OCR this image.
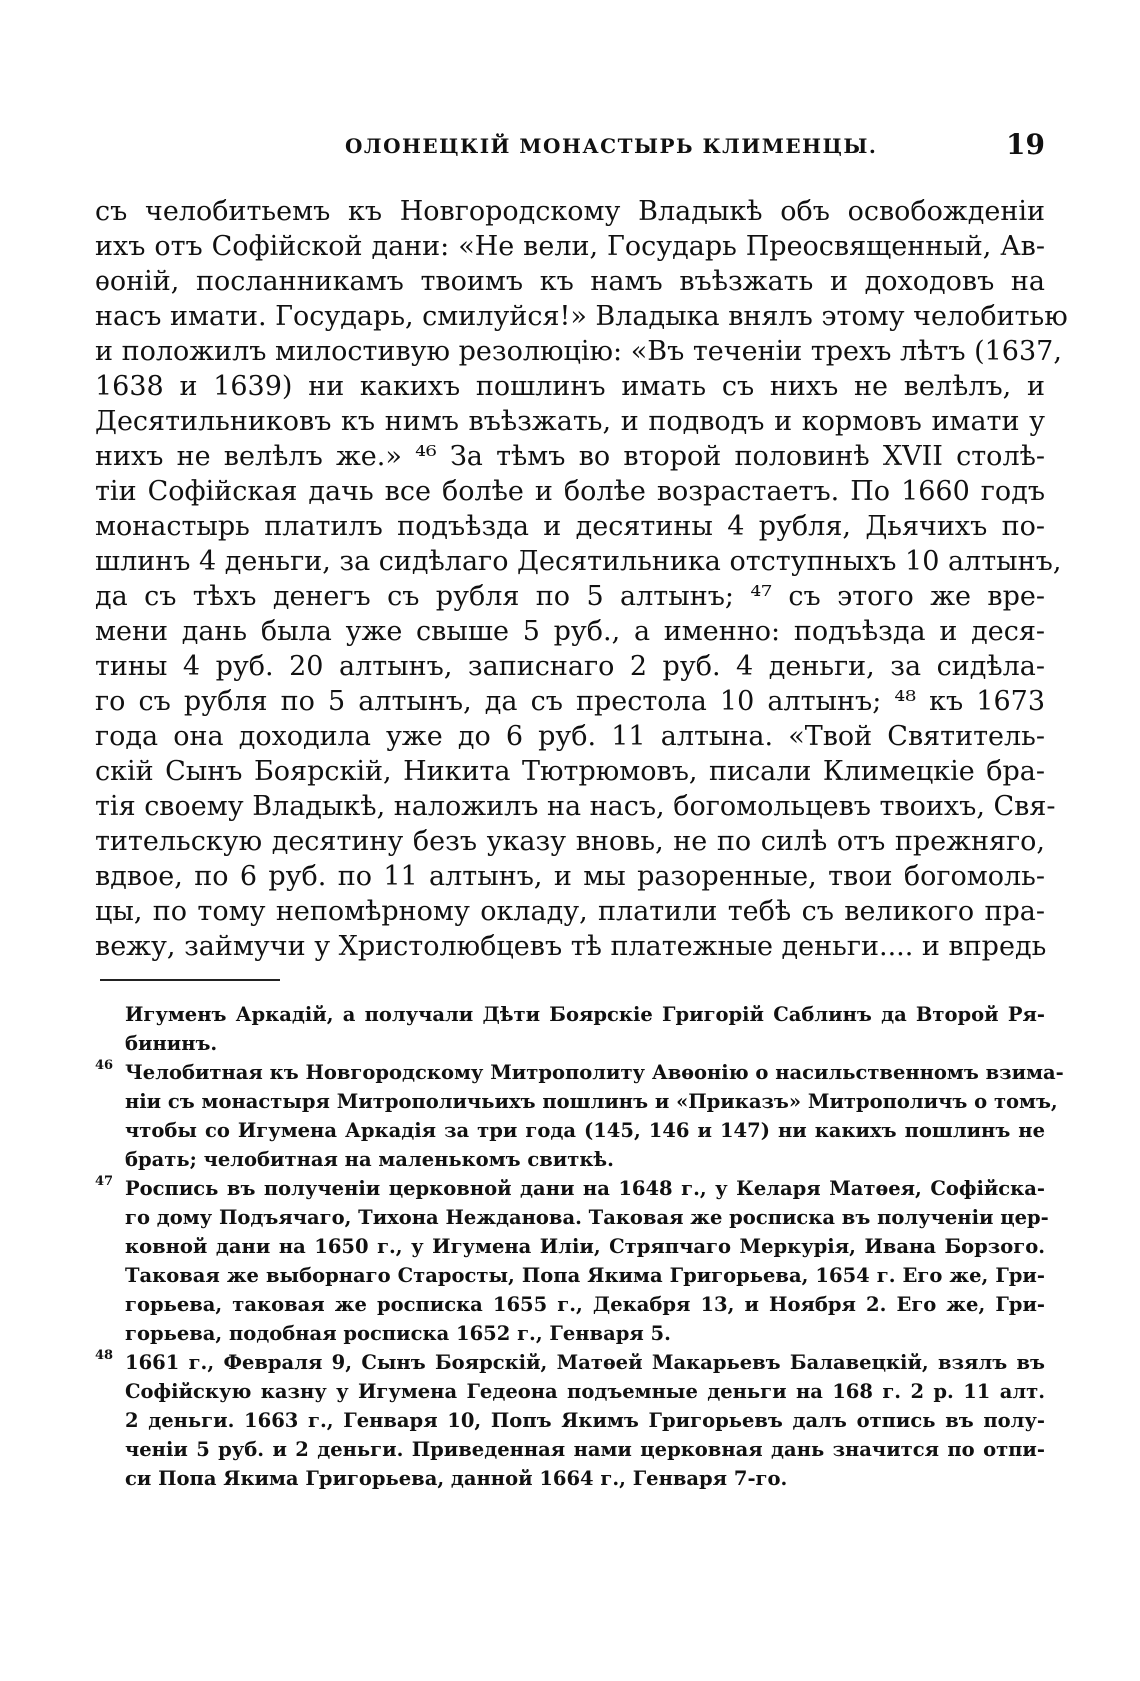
ОЛОНЕЦКІЙ МОНАСТЫРЬ КЛИМЕНЦЫ.	19
съ челобитьемъ къ Новгородскому Владыкѣ объ освобожденіи
ихъ отъ Софійской дани: «Не вели, Государь Преосвященный, Ав-
ѳоній, посланникамъ твоимъ къ намъ въѣзжать и доходовъ на
насъ имати. Государь, смилуйся!» Владыка внялъ этому челобитью
и положилъ милостивую резолюцію: «Въ теченіи трехъ лѣтъ (1637,
1638 и 1639) ни какихъ пошлинъ имать съ нихъ не велѣлъ, и
Десятильниковъ къ нимъ въѣзжать, и подводъ и кормовъ имати у
нихъ не велѣлъ же.» ⁴⁶ За тѣмъ во второй половинѣ XVII столѣ-
тіи Софійская дачь все болѣе и болѣе возрастаетъ. По 1660 годъ
монастырь платилъ подъѣзда и десятины 4 рубля, Дьячихъ по-
шлинъ 4 деньги, за сидѣлаго Десятильника отступныхъ 10 алтынъ,
да съ тѣхъ денегъ съ рубля по 5 алтынъ; ⁴⁷ съ этого же вре-
мени дань была уже свыше 5 руб., а именно: подъѣзда и деся-
тины 4 руб. 20 алтынъ, записнаго 2 руб. 4 деньги, за сидѣла-
го съ рубля по 5 алтынъ, да съ престола 10 алтынъ; ⁴⁸ къ 1673
года она доходила уже до 6 руб. 11 алтына. «Твой Святитель-
скій Сынъ Боярскій, Никита Тютрюмовъ, писали Климецкіе бра-
тія своему Владыкѣ, наложилъ на насъ, богомольцевъ твоихъ, Свя-
тительскую десятину безъ указу вновь, не по силѣ отъ прежняго,
вдвое, по 6 руб. по 11 алтынъ, и мы разоренные, твои богомоль-
цы, по тому непомѣрному окладу, платили тебѣ съ великого пра-
вежу, займучи у Христолюбцевъ тѣ платежные деньги.... и впредь
Игуменъ Аркадій, а получали Дѣти Боярскіе Григорій Саблинъ да Второй Ря-
бининъ.
46 Челобитная къ Новгородскому Митрополиту Авѳонію о насильственномъ взима-
ніи съ монастыря Митрополичьихъ пошлинъ и «Приказъ» Митрополичъ о томъ,
чтобы со Игумена Аркадія за три года (145, 146 и 147) ни какихъ пошлинъ не
брать; челобитная на маленькомъ свиткѣ.
47 Роспись въ полученіи церковной дани на 1648 г., у Келаря Матѳея, Софійска-
го дому Подъячаго, Тихона Нежданова. Таковая же росписка въ полученіи цер-
ковной дани на 1650 г., у Игумена Иліи, Стряпчаго Меркурія, Ивана Борзого.
Таковая же выборнаго Старосты, Попа Якима Григорьева, 1654 г. Его же, Гри-
горьева, таковая же росписка 1655 г., Декабря 13, и Ноября 2. Его же, Гри-
горьева, подобная росписка 1652 г., Генваря 5.
48 1661 г., Февраля 9, Сынъ Боярскій, Матѳей Макарьевъ Балавецкій, взялъ въ
Софійскую казну у Игумена Гедеона подъемные деньги на 168 г. 2 р. 11 алт.
2 деньги. 1663 г., Генваря 10, Попъ Якимъ Григорьевъ далъ отпись въ полу-
ченіи 5 руб. и 2 деньги. Приведенная нами церковная дань значится по отпи-
си Попа Якима Григорьева, данной 1664 г., Генваря 7-го.
